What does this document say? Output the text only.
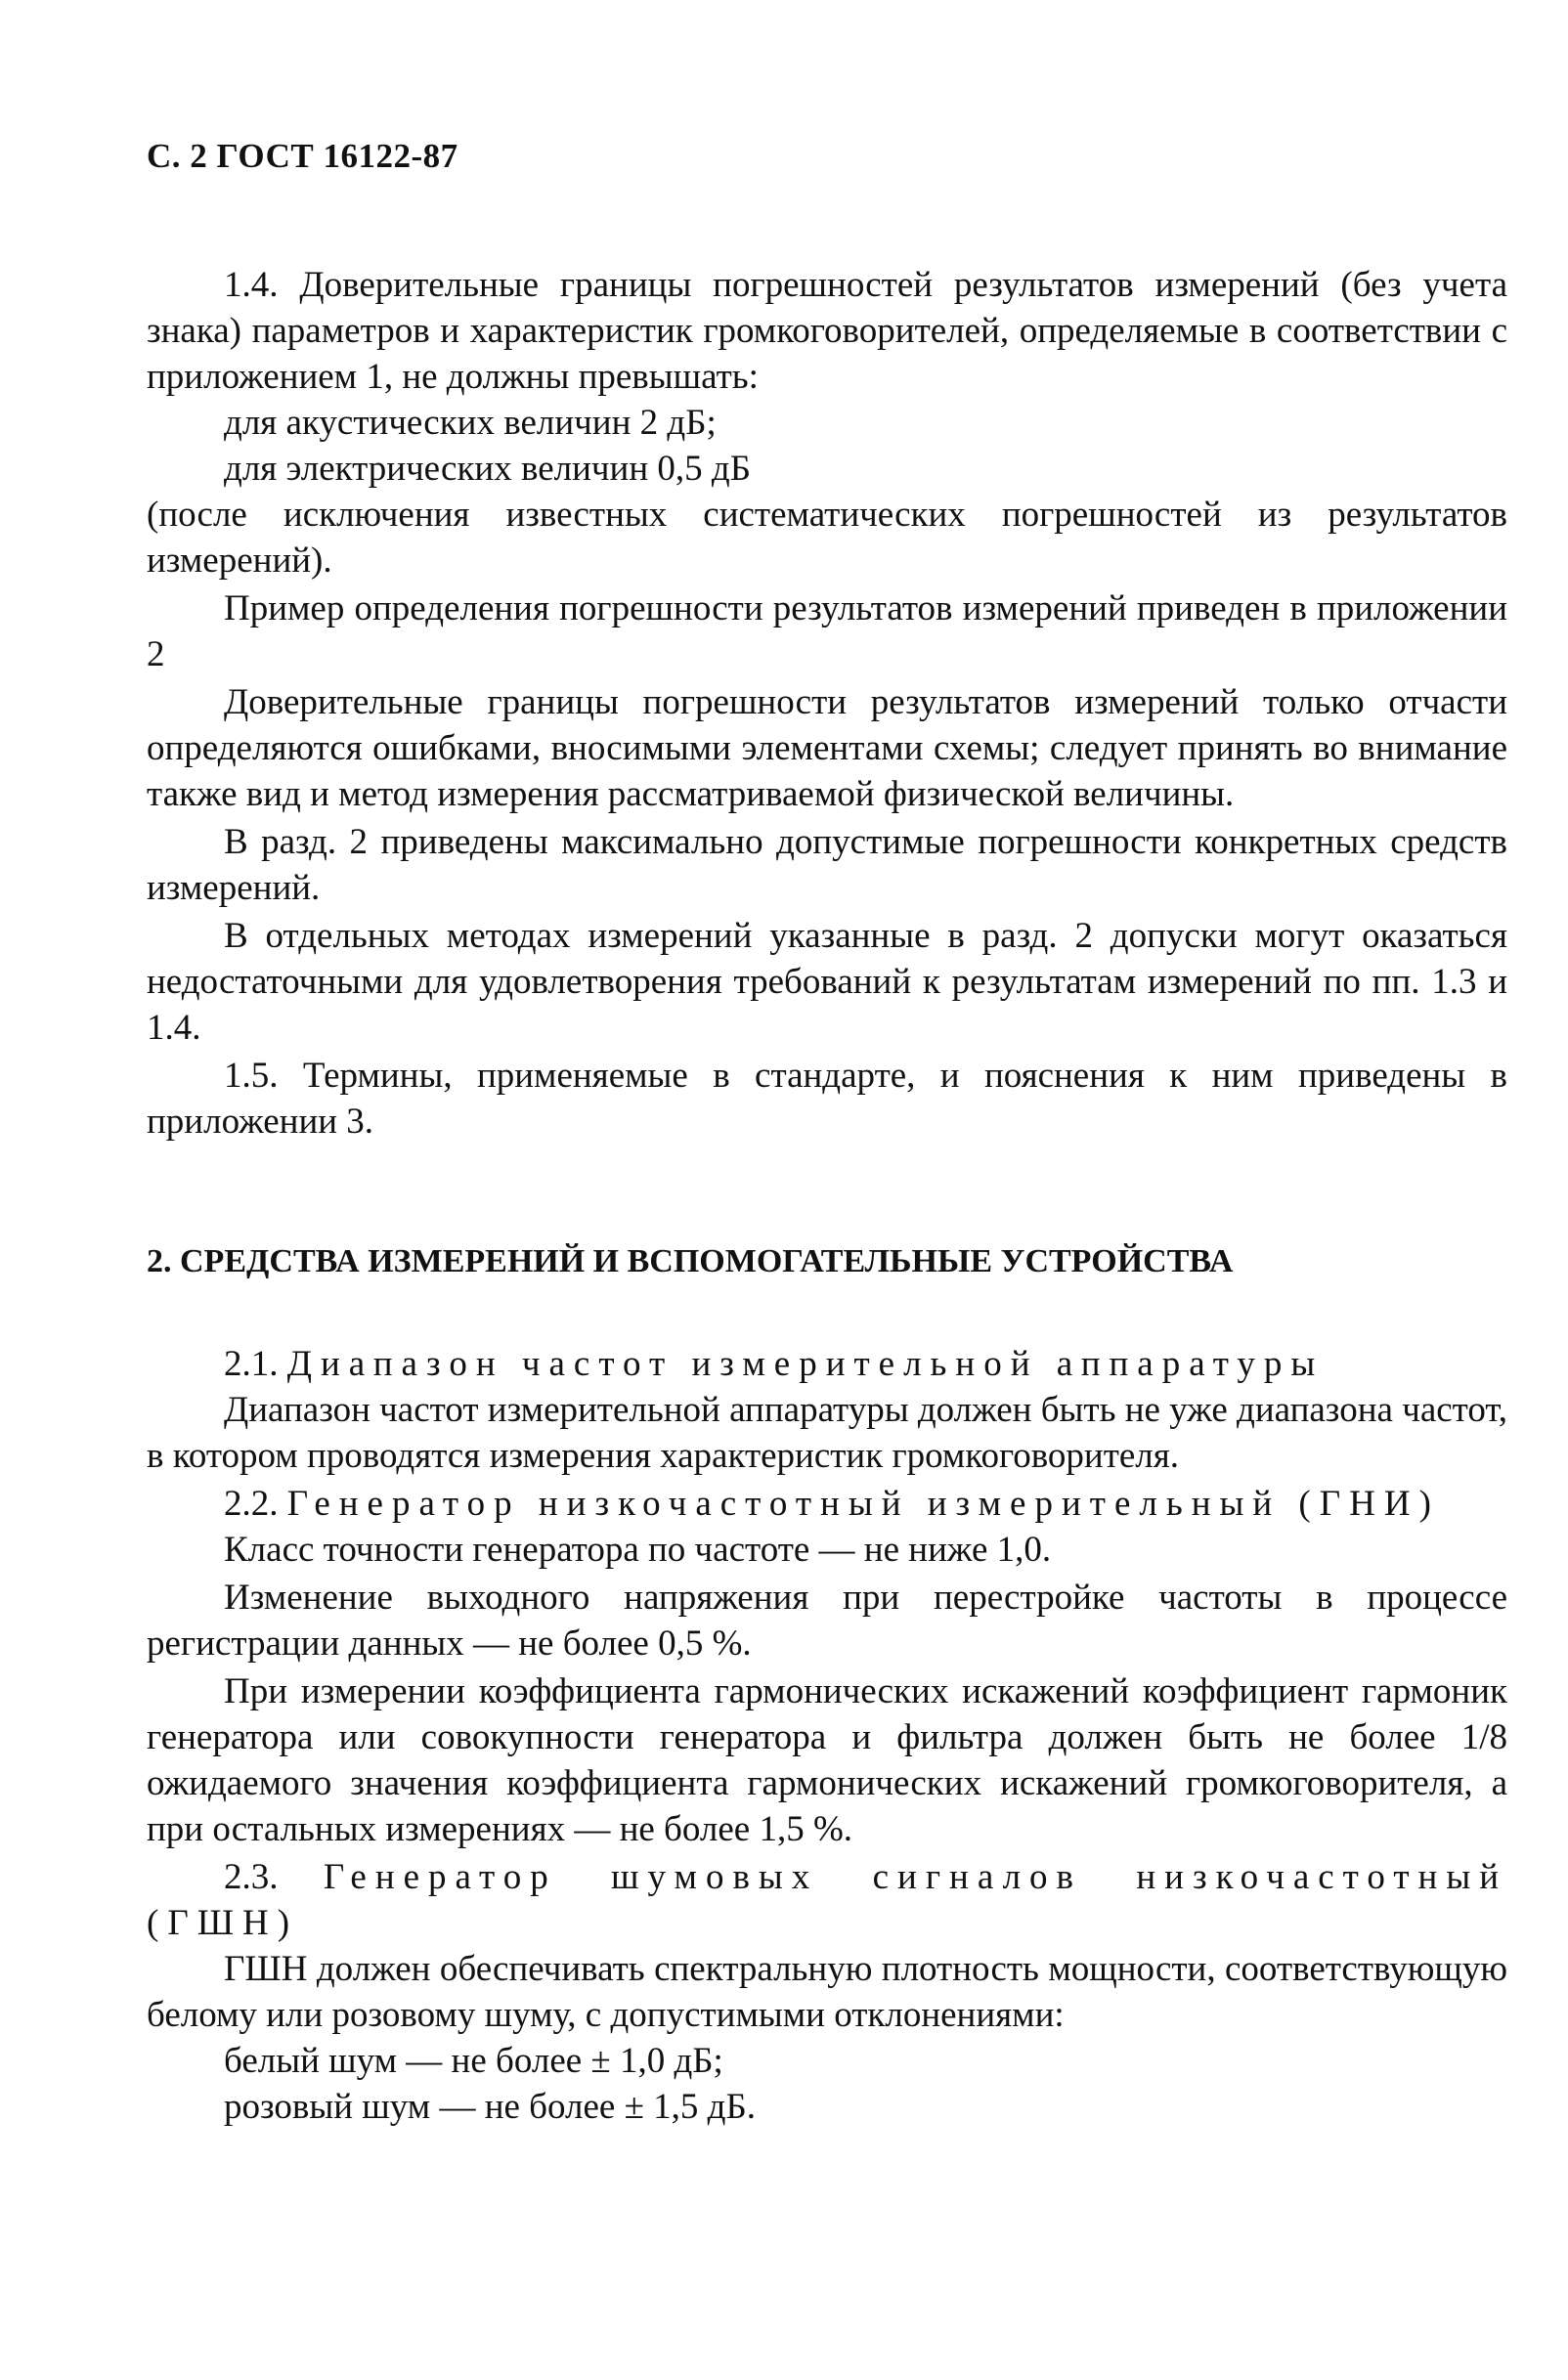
С. 2 ГОСТ 16122-87

1.4. Доверительные границы погрешностей результатов измерений (без учета знака) параметров и характеристик громкоговорителей, определяемые в соответствии с приложением 1, не должны превышать:

для акустических величин 2 дБ;

для электрических величин 0,5 дБ

(после исключения известных систематических погрешностей из результатов измерений).

Пример определения погрешности результатов измерений приведен в приложении 2

Доверительные границы погрешности результатов измерений только отчасти определяются ошибками, вносимыми элементами схемы; следует принять во внимание также вид и метод измерения рассматриваемой физической величины.

В разд. 2 приведены максимально допустимые погрешности конкретных средств измерений.

В отдельных методах измерений указанные в разд. 2 допуски могут оказаться недостаточными для удовлетворения требований к результатам измерений по пп. 1.3 и 1.4.

1.5. Термины, применяемые в стандарте, и пояснения к ним приведены в приложении 3.

2. СРЕДСТВА ИЗМЕРЕНИЙ И ВСПОМОГАТЕЛЬНЫЕ УСТРОЙСТВА

2.1. Диапазон частот измерительной аппаратуры

Диапазон частот измерительной аппаратуры должен быть не уже диапазона частот, в котором проводятся измерения характеристик громкоговорителя.

2.2. Генератор низкочастотный измерительный (ГНИ)

Класс точности генератора по частоте — не ниже 1,0.

Изменение выходного напряжения при перестройке частоты в процессе регистрации данных — не более 0,5 %.

При измерении коэффициента гармонических искажений коэффициент гармоник генератора или совокупности генератора и фильтра должен быть не более 1/8 ожидаемого значения коэффициента гармонических искажений громкоговорителя, а при остальных измерениях — не более 1,5 %.

2.3. Генератор шумовых сигналов низкочастотный (ГШН)

ГШН должен обеспечивать спектральную плотность мощности, соответствующую белому или розовому шуму, с допустимыми отклонениями:

белый шум — не более ± 1,0 дБ;

розовый шум — не более ± 1,5 дБ.
